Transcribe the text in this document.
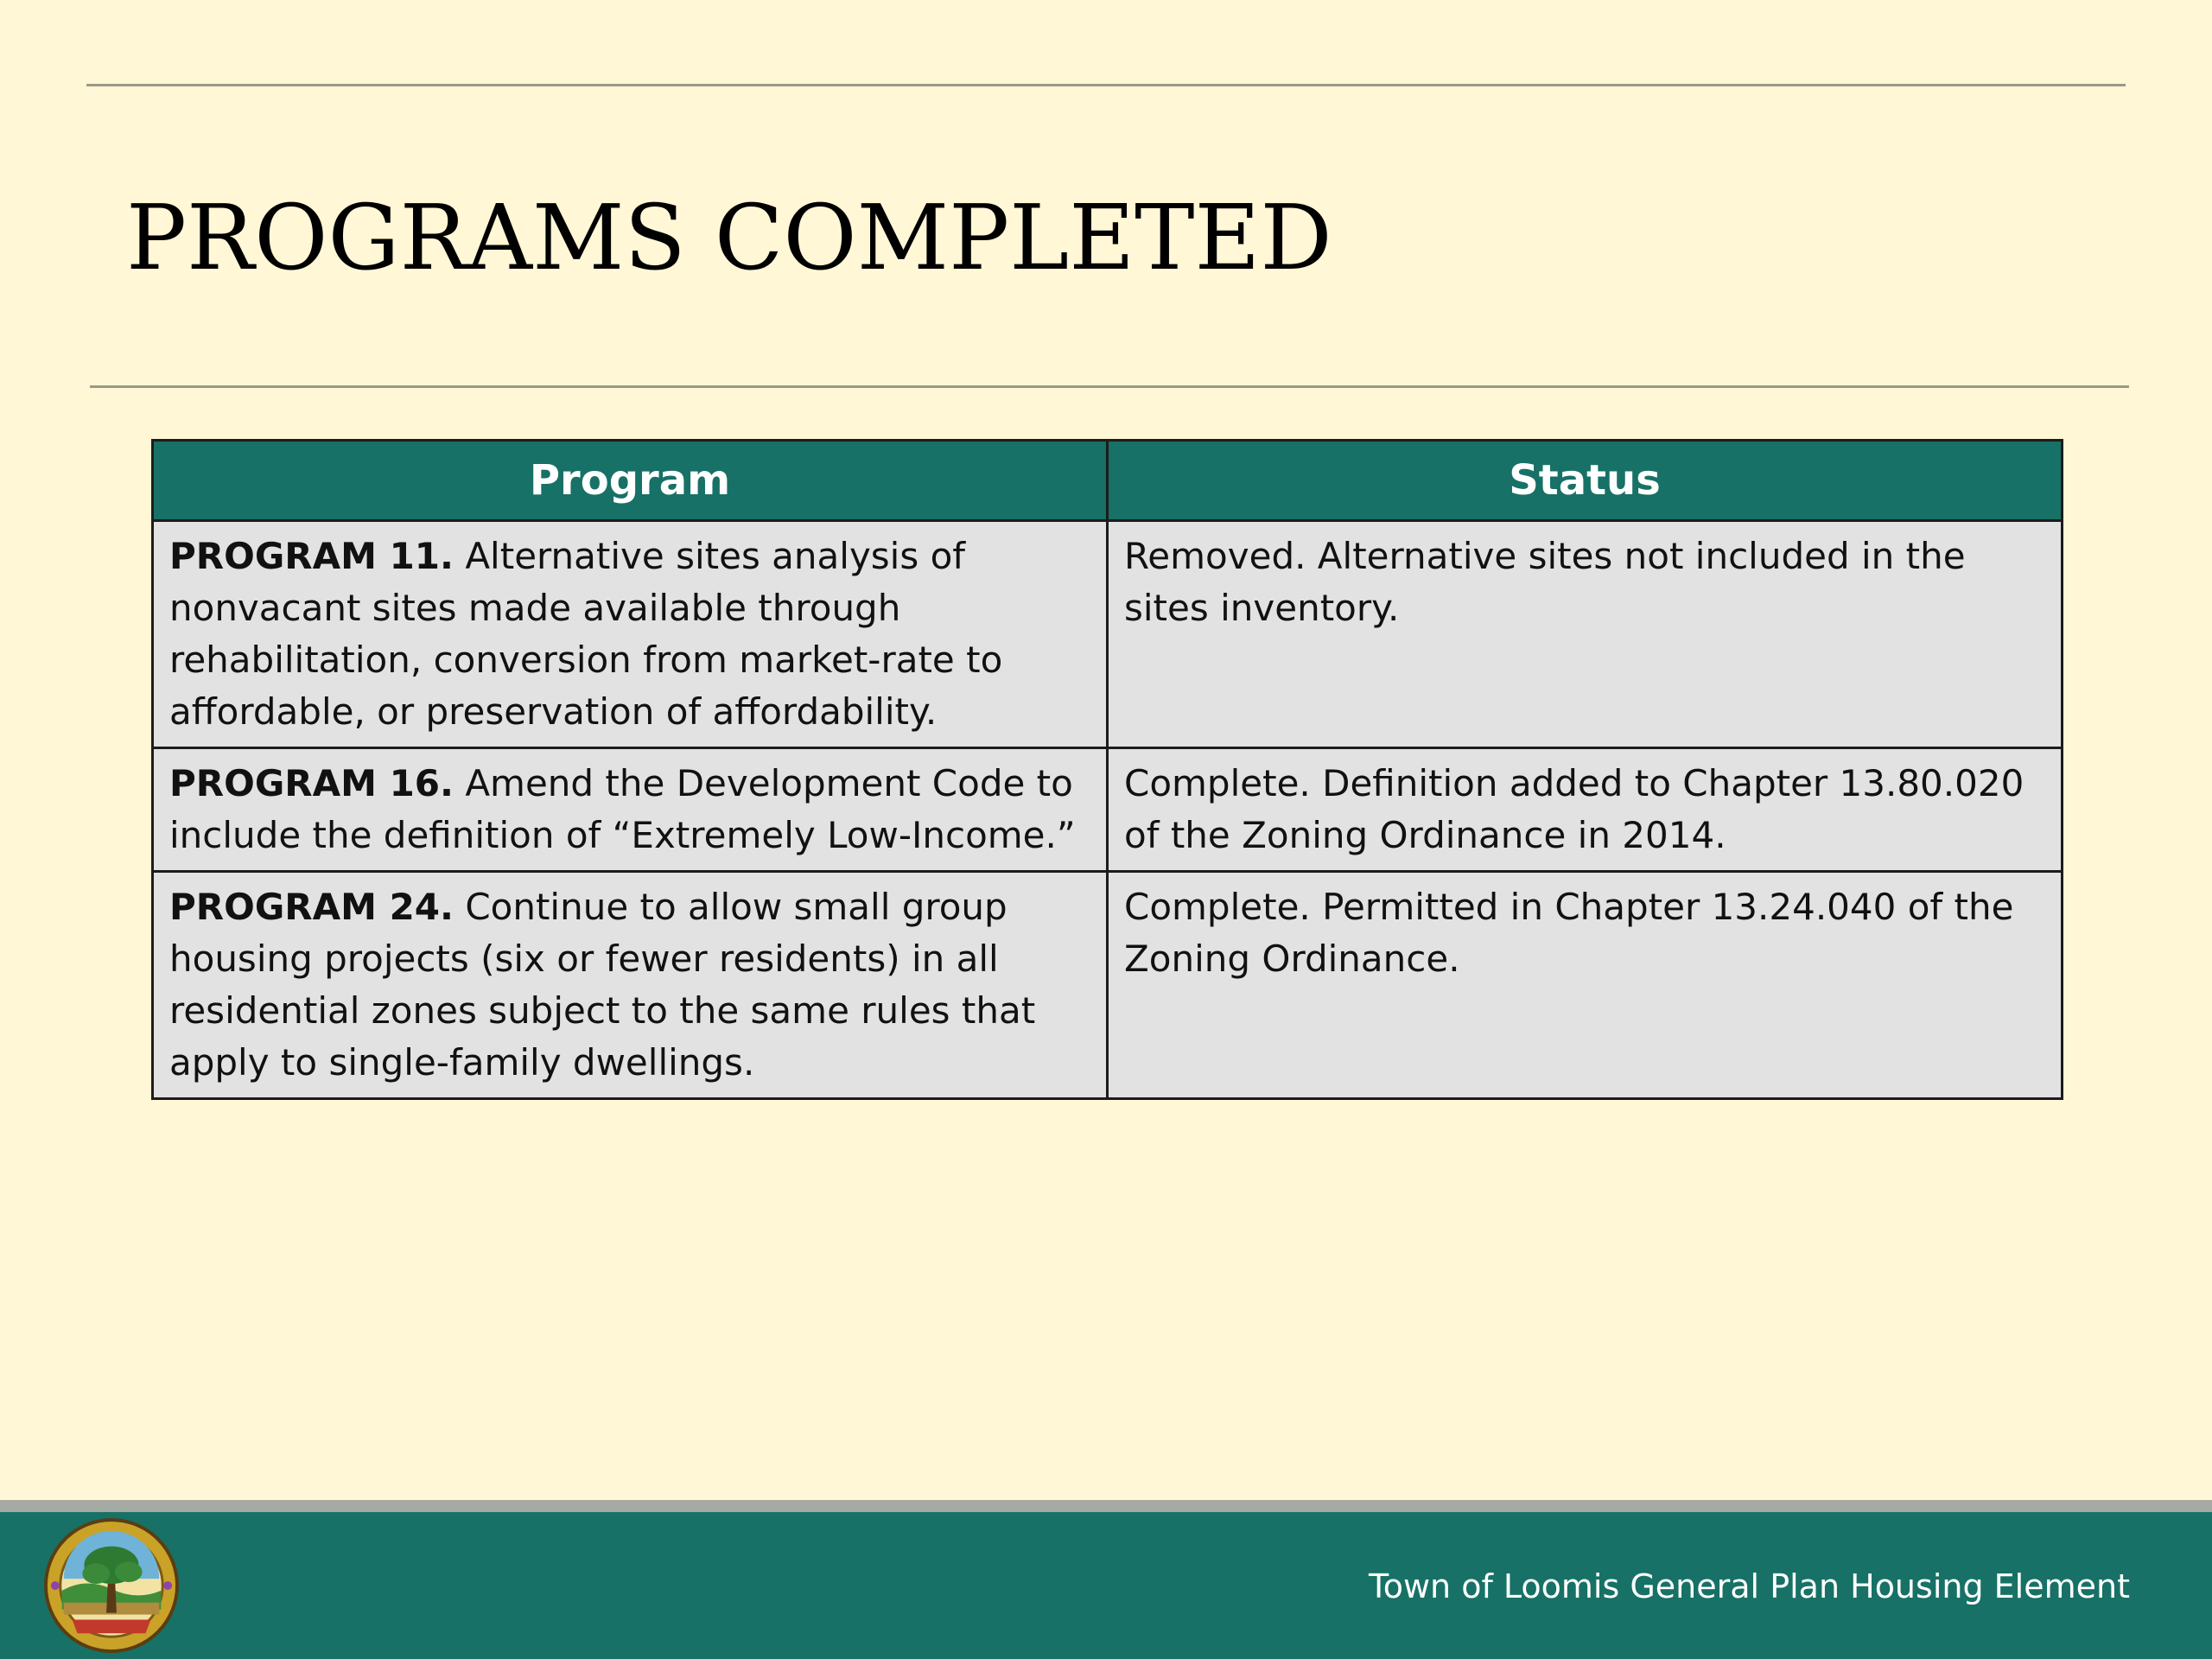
PROGRAMS COMPLETED
Program	Status
PROGRAM 11. Alternative sites analysis of nonvacant sites made available through rehabilitation, conversion from market-rate to affordable, or preservation of affordability.	Removed. Alternative sites not included in the sites inventory.
PROGRAM 16. Amend the Development Code to include the definition of “Extremely Low-Income.”	Complete. Definition added to Chapter 13.80.020 of the Zoning Ordinance in 2014.
PROGRAM 24. Continue to allow small group housing projects (six or fewer residents) in all residential zones subject to the same rules that apply to single-family dwellings.	Complete. Permitted in Chapter 13.24.040 of the Zoning Ordinance.
Town of Loomis General Plan Housing Element
